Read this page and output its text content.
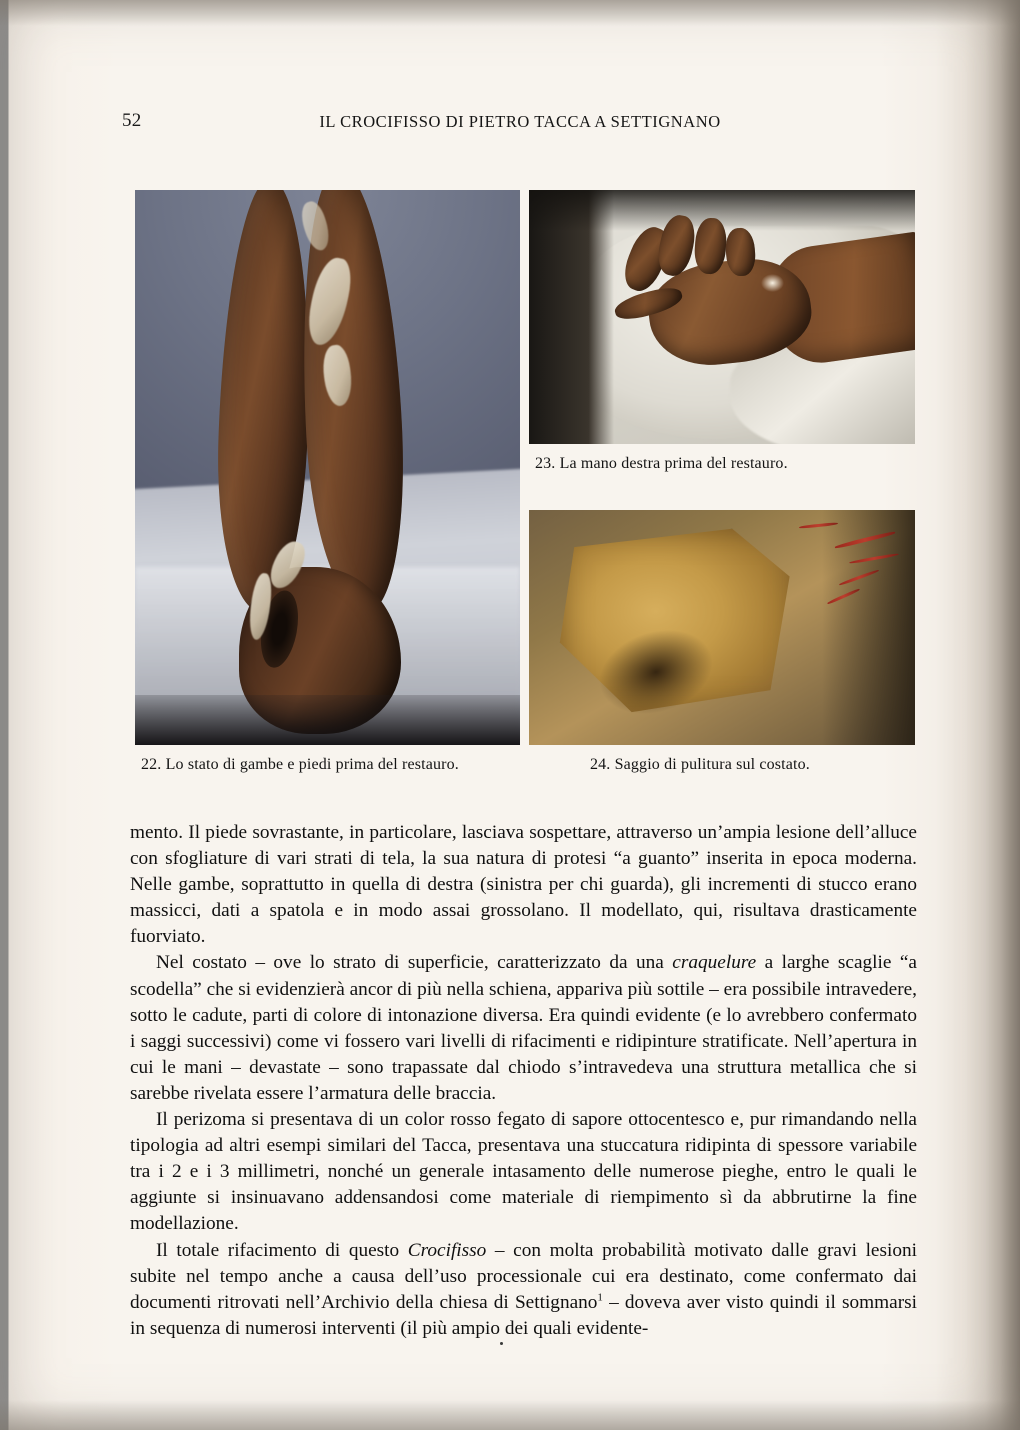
52	IL CROCIFISSO DI PIETRO TACCA A SETTIGNANO
22. Lo stato di gambe e piedi prima del restauro.
23. La mano destra prima del restauro.
24. Saggio di pulitura sul costato.

mento. Il piede sovrastante, in particolare, lasciava sospettare, attraverso un’ampia lesione dell’alluce con sfogliature di vari strati di tela, la sua natura di protesi “a guanto” inserita in epoca moderna. Nelle gambe, soprattutto in quella di destra (sinistra per chi guarda), gli incrementi di stucco erano massicci, dati a spatola e in modo assai grossolano. Il modellato, qui, risultava drasticamente fuorviato.

Nel costato – ove lo strato di superficie, caratterizzato da una craquelure a larghe scaglie “a scodella” che si evidenzierà ancor di più nella schiena, appariva più sottile – era possibile intravedere, sotto le cadute, parti di colore di intonazione diversa. Era quindi evidente (e lo avrebbero confermato i saggi successivi) come vi fossero vari livelli di rifacimenti e ridipinture stratificate. Nell’apertura in cui le mani – devastate – sono trapassate dal chiodo s’intravedeva una struttura metallica che si sarebbe rivelata essere l’armatura delle braccia.

Il perizoma si presentava di un color rosso fegato di sapore ottocentesco e, pur rimandando nella tipologia ad altri esempi similari del Tacca, presentava una stuccatura ridipinta di spessore variabile tra i 2 e i 3 millimetri, nonché un generale intasamento delle numerose pieghe, entro le quali le aggiunte si insinuavano addensandosi come materiale di riempimento sì da abbrutirne la fine modellazione.

Il totale rifacimento di questo Crocifisso – con molta probabilità motivato dalle gravi lesioni subite nel tempo anche a causa dell’uso processionale cui era destinato, come confermato dai documenti ritrovati nell’Archivio della chiesa di Settignano$^1$ – doveva aver visto quindi il sommarsi in sequenza di numerosi interventi (il più ampio dei quali evidente-
